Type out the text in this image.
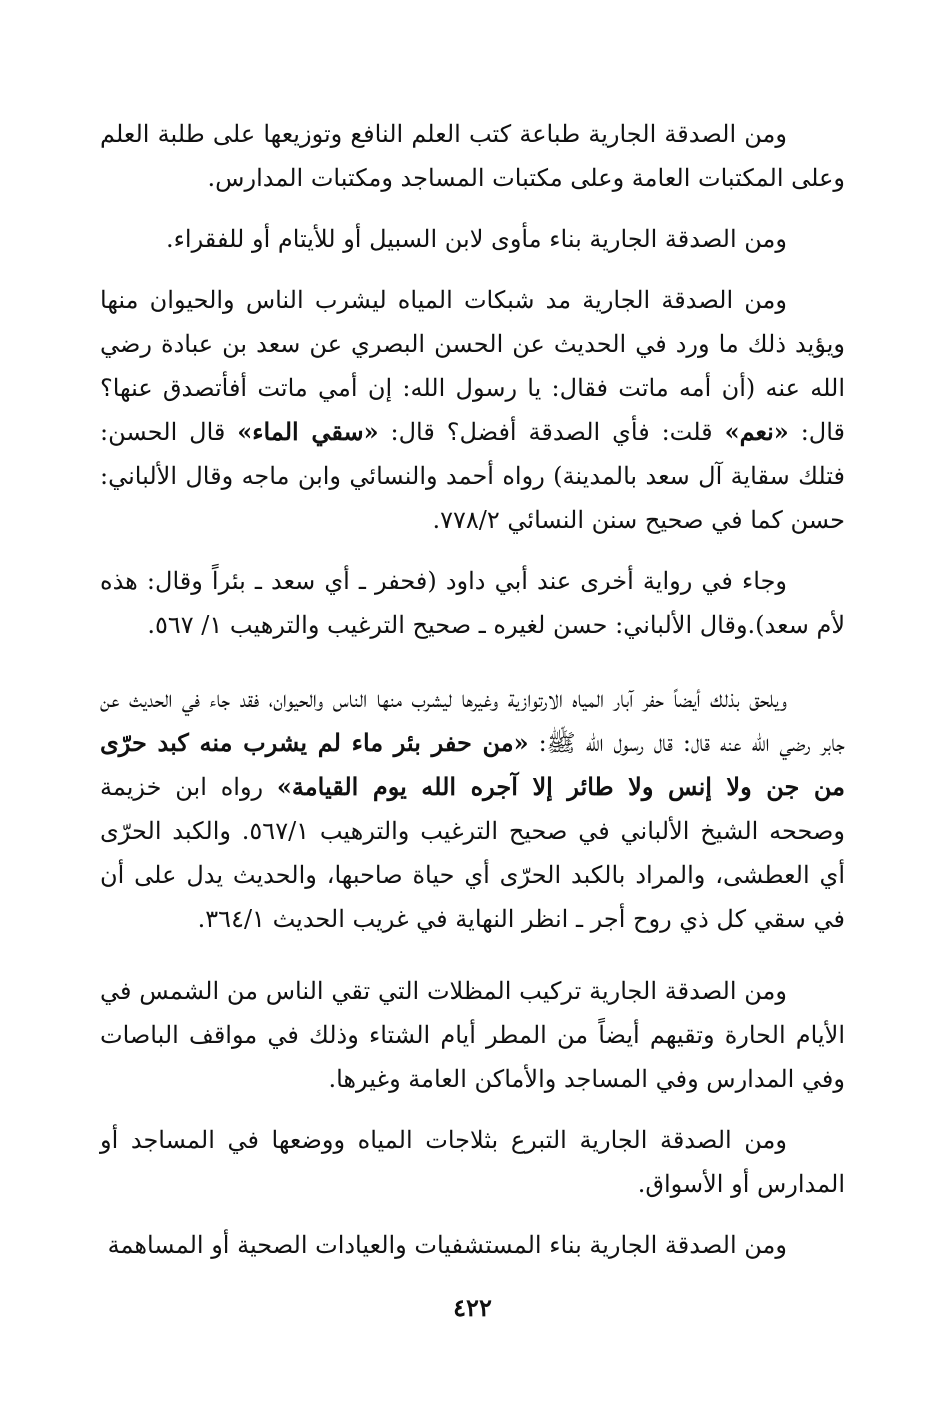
ومن الصدقة الجارية طباعة كتب العلم النافع وتوزيعها على طلبة العلم وعلى المكتبات العامة وعلى مكتبات المساجد ومكتبات المدارس.

ومن الصدقة الجارية بناء مأوى لابن السبيل أو للأيتام أو للفقراء.

ومن الصدقة الجارية مد شبكات المياه ليشرب الناس والحيوان منها ويؤيد ذلك ما ورد في الحديث عن الحسن البصري عن سعد بن عبادة رضي الله عنه (أن أمه ماتت فقال: يا رسول الله: إن أمي ماتت أفأتصدق عنها؟ قال: «نعم» قلت: فأي الصدقة أفضل؟ قال: «سقي الماء» قال الحسن: فتلك سقاية آل سعد بالمدينة) رواه أحمد والنسائي وابن ماجه وقال الألباني: حسن كما في صحيح سنن النسائي ٧٧٨/٢.

وجاء في رواية أخرى عند أبي داود (فحفر ـ أي سعد ـ بئراً وقال: هذه لأم سعد).وقال الألباني: حسن لغيره ـ صحيح الترغيب والترهيب ١/ ٥٦٧.

ويلحق بذلك أيضاً حفر آبار المياه الارتوازية وغيرها ليشرب منها الناس والحيوان، فقد جاء في الحديث عن جابر رضي الله عنه قال: قال رسول الله ﷺ: «من حفر بئر ماء لم يشرب منه كبد حرّى من جن ولا إنس ولا طائر إلا آجره الله يوم القيامة» رواه ابن خزيمة وصححه الشيخ الألباني في صحيح الترغيب والترهيب ٥٦٧/١. والكبد الحرّى أي العطشى، والمراد بالكبد الحرّى أي حياة صاحبها، والحديث يدل على أن في سقي كل ذي روح أجر ـ انظر النهاية في غريب الحديث ٣٦٤/١.

ومن الصدقة الجارية تركيب المظلات التي تقي الناس من الشمس في الأيام الحارة وتقيهم أيضاً من المطر أيام الشتاء وذلك في مواقف الباصات وفي المدارس وفي المساجد والأماكن العامة وغيرها.

ومن الصدقة الجارية التبرع بثلاجات المياه ووضعها في المساجد أو المدارس أو الأسواق.

ومن الصدقة الجارية بناء المستشفيات والعيادات الصحية أو المساهمة

٤٢٢
